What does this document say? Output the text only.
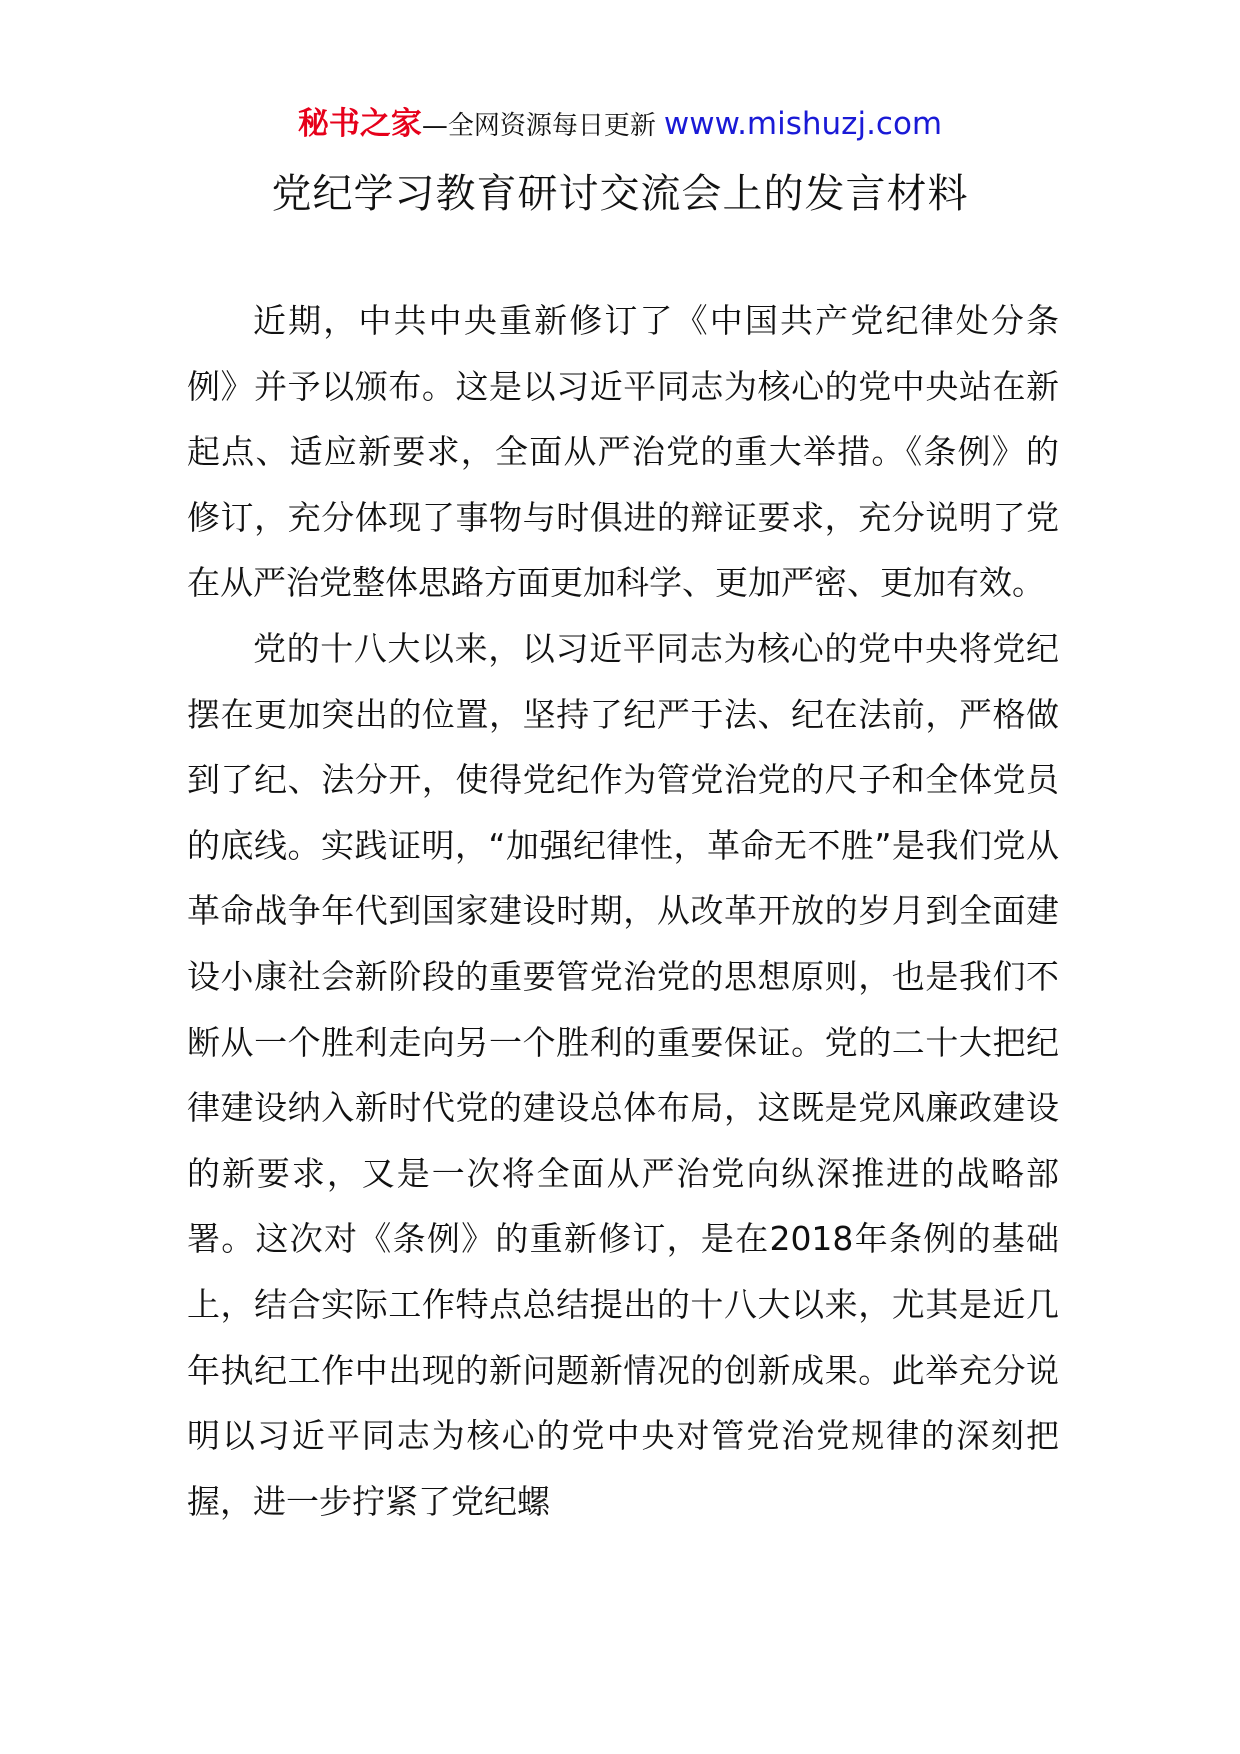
秘书之家—全网资源每日更新 www.mishuzj.com
党纪学习教育研讨交流会上的发言材料

近期，中共中央重新修订了《中国共产党纪律处分条例》并予以颁布。这是以习近平同志为核心的党中央站在新起点、适应新要求，全面从严治党的重大举措。《条例》的修订，充分体现了事物与时俱进的辩证要求，充分说明了党在从严治党整体思路方面更加科学、更加严密、更加有效。

党的十八大以来，以习近平同志为核心的党中央将党纪摆在更加突出的位置，坚持了纪严于法、纪在法前，严格做到了纪、法分开，使得党纪作为管党治党的尺子和全体党员的底线。实践证明，“加强纪律性，革命无不胜”是我们党从革命战争年代到国家建设时期，从改革开放的岁月到全面建设小康社会新阶段的重要管党治党的思想原则，也是我们不断从一个胜利走向另一个胜利的重要保证。党的二十大把纪律建设纳入新时代党的建设总体布局，这既是党风廉政建设的新要求，又是一次将全面从严治党向纵深推进的战略部署。这次对《条例》的重新修订，是在2018年条例的基础上，结合实际工作特点总结提出的十八大以来，尤其是近几年执纪工作中出现的新问题新情况的创新成果。此举充分说明以习近平同志为核心的党中央对管党治党规律的深刻把握，进一步拧紧了党纪螺
